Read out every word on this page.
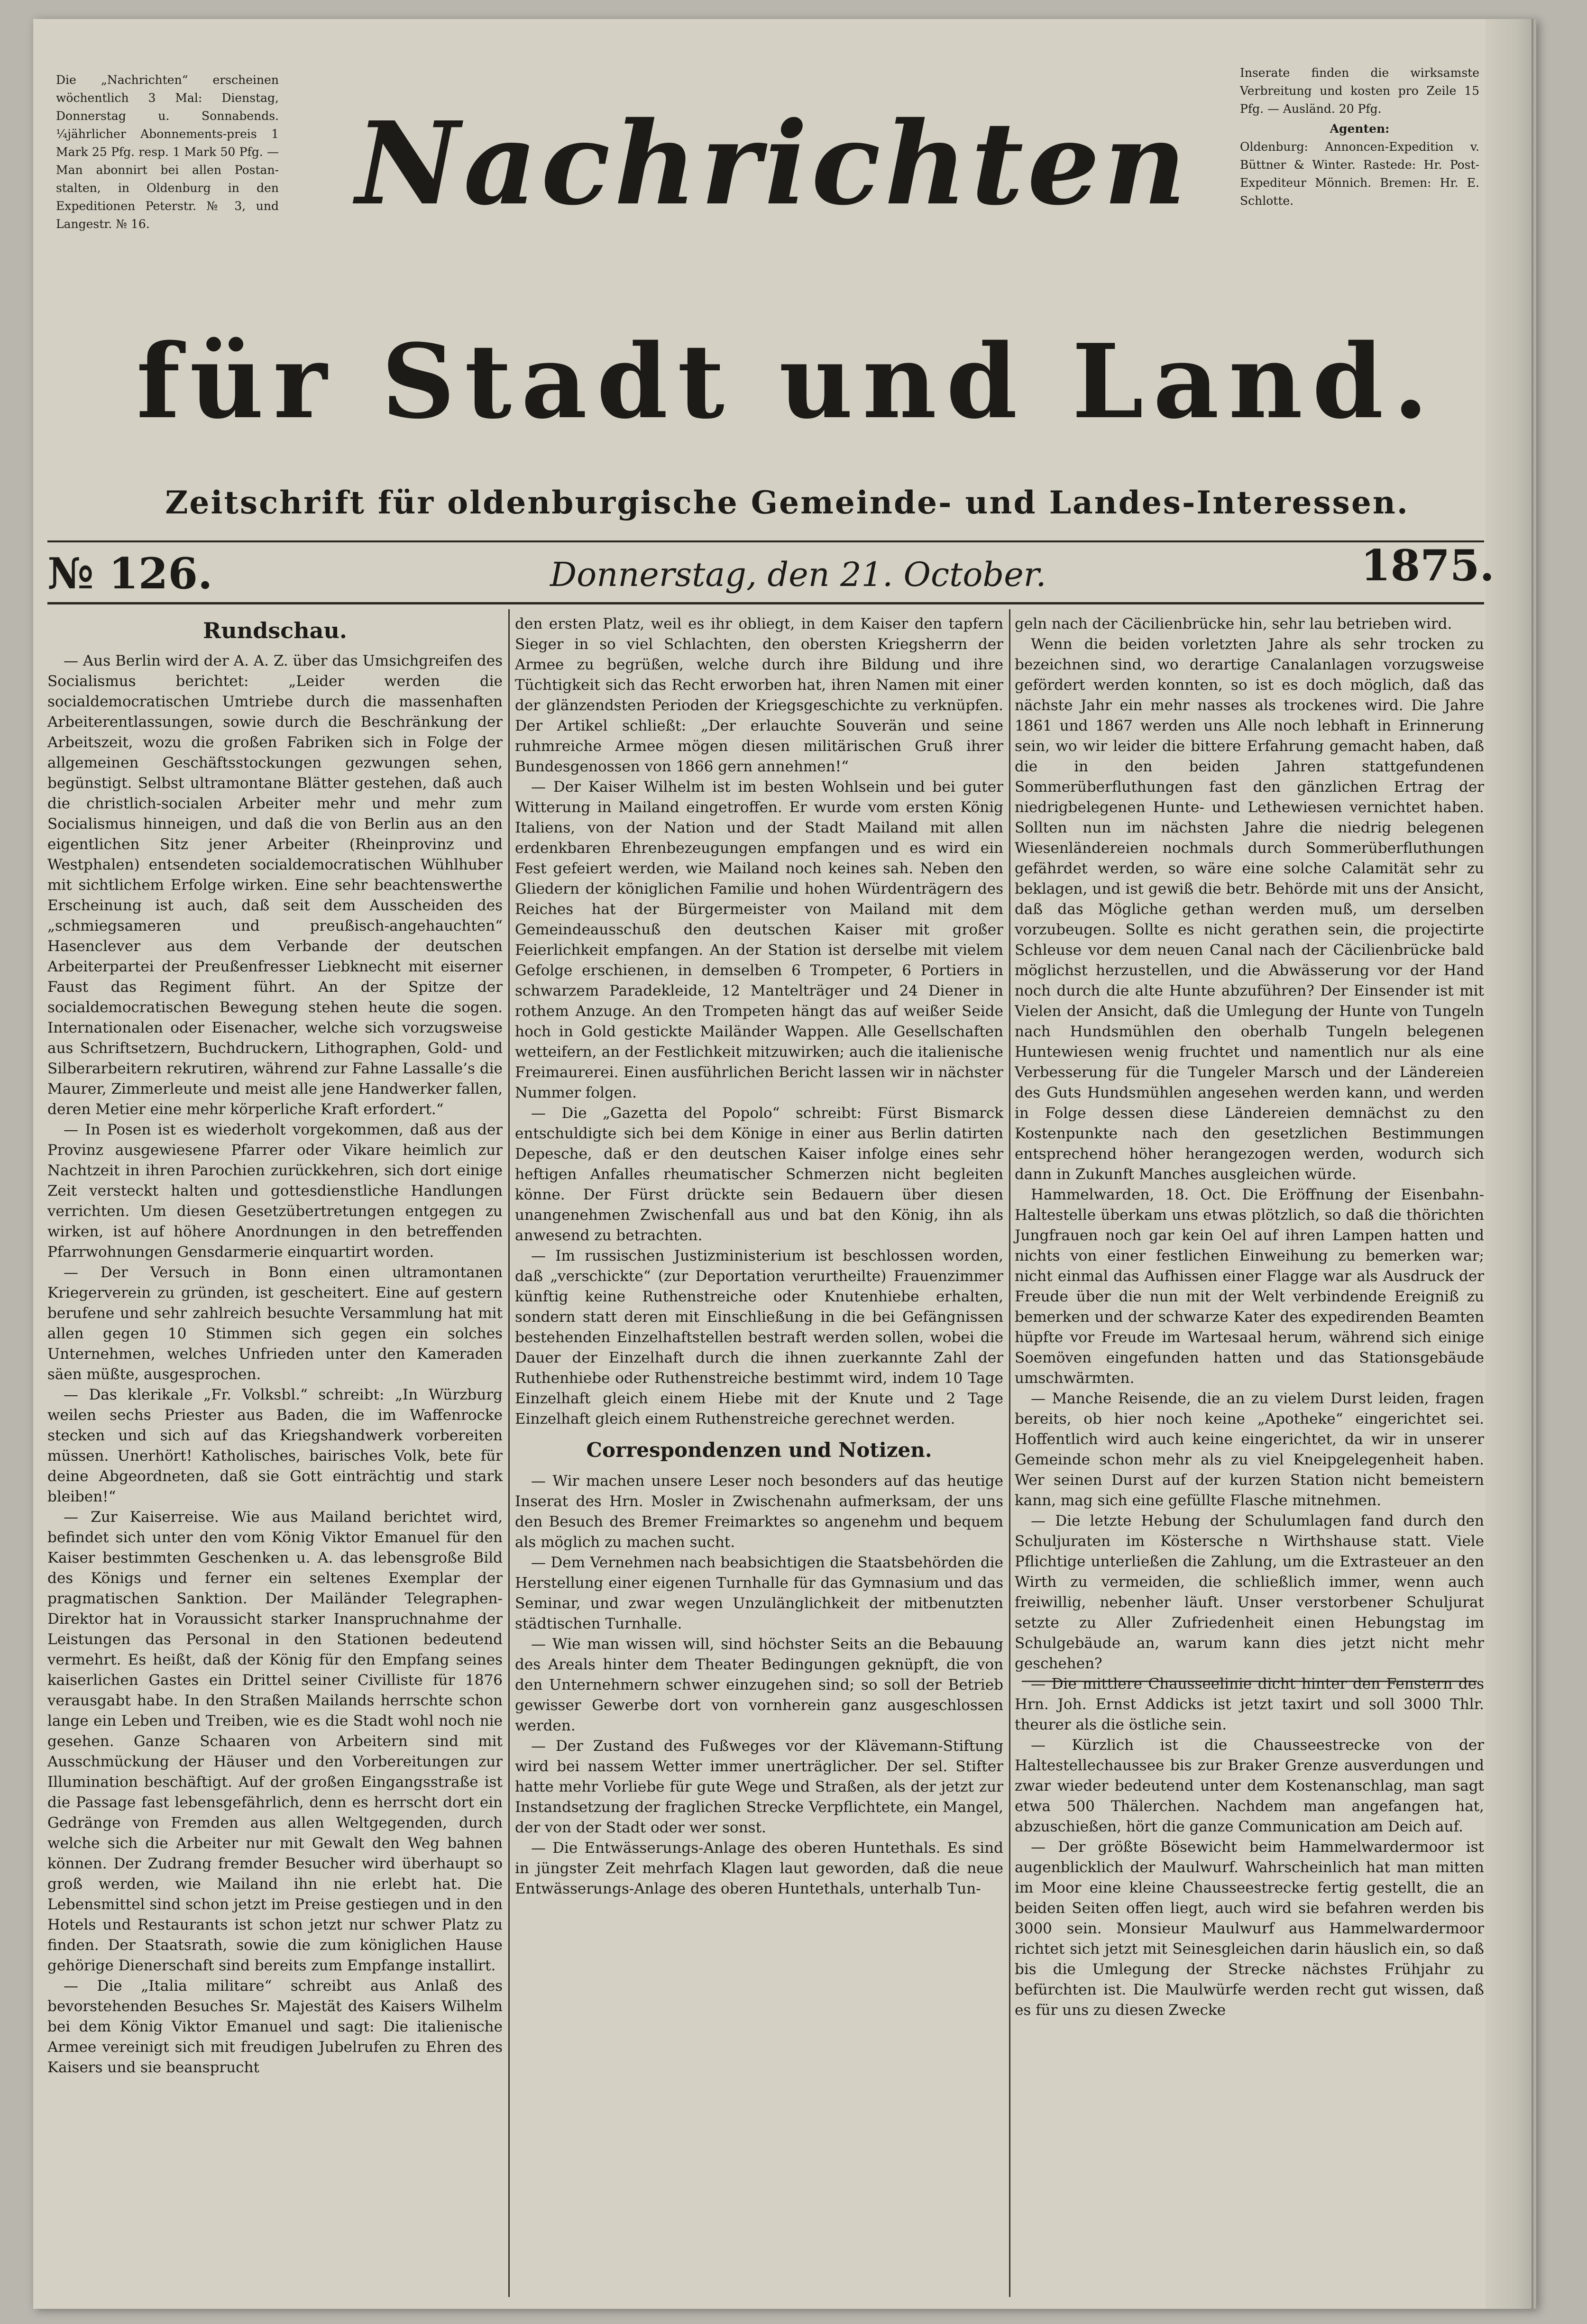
Die „Nachrichten“ erscheinen wöchentlich 3 Mal: Dienstag, Donnerstag u. Sonnabends. ¼jährlicher Abonnements-preis 1 Mark 25 Pfg. resp. 1 Mark 50 Pfg. — Man abonnirt bei allen Postan-stalten, in Oldenburg in den Expeditionen Peterstr. № 3, und Langestr. № 16.
Inserate finden die wirksamste Verbreitung und kosten pro Zeile 15 Pfg. — Ausländ. 20 Pfg.
Agenten:
Oldenburg: Annoncen-Expedition v. Büttner & Winter. Rastede: Hr. Post-Expediteur Mönnich. Bremen: Hr. E. Schlotte.
Nachrichten
für Stadt und Land.
Zeitschrift für oldenburgische Gemeinde- und Landes-Interessen.
№ 126.	Donnerstag, den 21. October.	1875.

Rundschau.

— Aus Berlin wird der A. A. Z. über das Umsichgreifen des Socialismus berichtet: „Leider werden die socialdemocratischen Umtriebe durch die massenhaften Arbeiterentlassungen, sowie durch die Beschränkung der Arbeitszeit, wozu die großen Fabriken sich in Folge der allgemeinen Geschäftsstockungen gezwungen sehen, begünstigt. Selbst ultramontane Blätter gestehen, daß auch die christlich-socialen Arbeiter mehr und mehr zum Socialismus hinneigen, und daß die von Berlin aus an den eigentlichen Sitz jener Arbeiter (Rheinprovinz und Westphalen) entsendeten socialdemocratischen Wühlhuber mit sichtlichem Erfolge wirken. Eine sehr beachtenswerthe Erscheinung ist auch, daß seit dem Ausscheiden des „schmiegsameren und preußisch-angehauchten“ Hasenclever aus dem Verbande der deutschen Arbeiterpartei der Preußenfresser Liebknecht mit eiserner Faust das Regiment führt. An der Spitze der socialdemocratischen Bewegung stehen heute die sogen. Internationalen oder Eisenacher, welche sich vorzugsweise aus Schriftsetzern, Buchdruckern, Lithographen, Gold- und Silberarbeitern rekrutiren, während zur Fahne Lassalle’s die Maurer, Zimmerleute und meist alle jene Handwerker fallen, deren Metier eine mehr körperliche Kraft erfordert.“

— In Posen ist es wiederholt vorgekommen, daß aus der Provinz ausgewiesene Pfarrer oder Vikare heimlich zur Nachtzeit in ihren Parochien zurückkehren, sich dort einige Zeit versteckt halten und gottesdienstliche Handlungen verrichten. Um diesen Gesetzübertretungen entgegen zu wirken, ist auf höhere Anordnungen in den betreffenden Pfarrwohnungen Gensdarmerie einquartirt worden.

— Der Versuch in Bonn einen ultramontanen Kriegerverein zu gründen, ist gescheitert. Eine auf gestern berufene und sehr zahlreich besuchte Versammlung hat mit allen gegen 10 Stimmen sich gegen ein solches Unternehmen, welches Unfrieden unter den Kameraden säen müßte, ausgesprochen.

— Das klerikale „Fr. Volksbl.“ schreibt: „In Würzburg weilen sechs Priester aus Baden, die im Waffenrocke stecken und sich auf das Kriegshandwerk vorbereiten müssen. Unerhört! Katholisches, bairisches Volk, bete für deine Abgeordneten, daß sie Gott einträchtig und stark bleiben!“

— Zur Kaiserreise. Wie aus Mailand berichtet wird, befindet sich unter den vom König Viktor Emanuel für den Kaiser bestimmten Geschenken u. A. das lebensgroße Bild des Königs und ferner ein seltenes Exemplar der pragmatischen Sanktion. Der Mailänder Telegraphen-Direktor hat in Voraussicht starker Inanspruchnahme der Leistungen das Personal in den Stationen bedeutend vermehrt. Es heißt, daß der König für den Empfang seines kaiserlichen Gastes ein Drittel seiner Civilliste für 1876 verausgabt habe. In den Straßen Mailands herrschte schon lange ein Leben und Treiben, wie es die Stadt wohl noch nie gesehen. Ganze Schaaren von Arbeitern sind mit Ausschmückung der Häuser und den Vorbereitungen zur Illumination beschäftigt. Auf der großen Eingangsstraße ist die Passage fast lebensgefährlich, denn es herrscht dort ein Gedränge von Fremden aus allen Weltgegenden, durch welche sich die Arbeiter nur mit Gewalt den Weg bahnen können. Der Zudrang fremder Besucher wird überhaupt so groß werden, wie Mailand ihn nie erlebt hat. Die Lebensmittel sind schon jetzt im Preise gestiegen und in den Hotels und Restaurants ist schon jetzt nur schwer Platz zu finden. Der Staatsrath, sowie die zum königlichen Hause gehörige Dienerschaft sind bereits zum Empfange installirt.

— Die „Italia militare“ schreibt aus Anlaß des bevorstehenden Besuches Sr. Majestät des Kaisers Wilhelm bei dem König Viktor Emanuel und sagt: Die italienische Armee vereinigt sich mit freudigen Jubelrufen zu Ehren des Kaisers und sie beansprucht

den ersten Platz, weil es ihr obliegt, in dem Kaiser den tapfern Sieger in so viel Schlachten, den obersten Kriegsherrn der Armee zu begrüßen, welche durch ihre Bildung und ihre Tüchtigkeit sich das Recht erworben hat, ihren Namen mit einer der glänzendsten Perioden der Kriegsgeschichte zu verknüpfen. Der Artikel schließt: „Der erlauchte Souverän und seine ruhmreiche Armee mögen diesen militärischen Gruß ihrer Bundesgenossen von 1866 gern annehmen!“

— Der Kaiser Wilhelm ist im besten Wohlsein und bei guter Witterung in Mailand eingetroffen. Er wurde vom ersten König Italiens, von der Nation und der Stadt Mailand mit allen erdenkbaren Ehrenbezeugungen empfangen und es wird ein Fest gefeiert werden, wie Mailand noch keines sah. Neben den Gliedern der königlichen Familie und hohen Würdenträgern des Reiches hat der Bürgermeister von Mailand mit dem Gemeindeausschuß den deutschen Kaiser mit großer Feierlichkeit empfangen. An der Station ist derselbe mit vielem Gefolge erschienen, in demselben 6 Trompeter, 6 Portiers in schwarzem Paradekleide, 12 Mantelträger und 24 Diener in rothem Anzuge. An den Trompeten hängt das auf weißer Seide hoch in Gold gestickte Mailänder Wappen. Alle Gesellschaften wetteifern, an der Festlichkeit mitzuwirken; auch die italienische Freimaurerei. Einen ausführlichen Bericht lassen wir in nächster Nummer folgen.

— Die „Gazetta del Popolo“ schreibt: Fürst Bismarck entschuldigte sich bei dem Könige in einer aus Berlin datirten Depesche, daß er den deutschen Kaiser infolge eines sehr heftigen Anfalles rheumatischer Schmerzen nicht begleiten könne. Der Fürst drückte sein Bedauern über diesen unangenehmen Zwischenfall aus und bat den König, ihn als anwesend zu betrachten.

— Im russischen Justizministerium ist beschlossen worden, daß „verschickte“ (zur Deportation verurtheilte) Frauenzimmer künftig keine Ruthenstreiche oder Knutenhiebe erhalten, sondern statt deren mit Einschließung in die bei Gefängnissen bestehenden Einzelhaftstellen bestraft werden sollen, wobei die Dauer der Einzelhaft durch die ihnen zuerkannte Zahl der Ruthenhiebe oder Ruthenstreiche bestimmt wird, indem 10 Tage Einzelhaft gleich einem Hiebe mit der Knute und 2 Tage Einzelhaft gleich einem Ruthenstreiche gerechnet werden.

Correspondenzen und Notizen.

— Wir machen unsere Leser noch besonders auf das heutige Inserat des Hrn. Mosler in Zwischenahn aufmerksam, der uns den Besuch des Bremer Freimarktes so angenehm und bequem als möglich zu machen sucht.

— Dem Vernehmen nach beabsichtigen die Staatsbehörden die Herstellung einer eigenen Turnhalle für das Gymnasium und das Seminar, und zwar wegen Unzulänglichkeit der mitbenutzten städtischen Turnhalle.

— Wie man wissen will, sind höchster Seits an die Bebauung des Areals hinter dem Theater Bedingungen geknüpft, die von den Unternehmern schwer einzugehen sind; so soll der Betrieb gewisser Gewerbe dort von vornherein ganz ausgeschlossen werden.

— Der Zustand des Fußweges vor der Klävemann-Stiftung wird bei nassem Wetter immer unerträglicher. Der sel. Stifter hatte mehr Vorliebe für gute Wege und Straßen, als der jetzt zur Instandsetzung der fraglichen Strecke Verpflichtete, ein Mangel, der von der Stadt oder wer sonst.

— Die Entwässerungs-Anlage des oberen Huntethals. Es sind in jüngster Zeit mehrfach Klagen laut geworden, daß die neue Entwässerungs-Anlage des oberen Huntethals, unterhalb Tun-

geln nach der Cäcilienbrücke hin, sehr lau betrieben wird.

Wenn die beiden vorletzten Jahre als sehr trocken zu bezeichnen sind, wo derartige Canalanlagen vorzugsweise gefördert werden konnten, so ist es doch möglich, daß das nächste Jahr ein mehr nasses als trockenes wird. Die Jahre 1861 und 1867 werden uns Alle noch lebhaft in Erinnerung sein, wo wir leider die bittere Erfahrung gemacht haben, daß die in den beiden Jahren stattgefundenen Sommerüberfluthungen fast den gänzlichen Ertrag der niedrigbelegenen Hunte- und Lethewiesen vernichtet haben. Sollten nun im nächsten Jahre die niedrig belegenen Wiesenländereien nochmals durch Sommerüberfluthungen gefährdet werden, so wäre eine solche Calamität sehr zu beklagen, und ist gewiß die betr. Behörde mit uns der Ansicht, daß das Mögliche gethan werden muß, um derselben vorzubeugen. Sollte es nicht gerathen sein, die projectirte Schleuse vor dem neuen Canal nach der Cäcilienbrücke bald möglichst herzustellen, und die Abwässerung vor der Hand noch durch die alte Hunte abzuführen? Der Einsender ist mit Vielen der Ansicht, daß die Umlegung der Hunte von Tungeln nach Hundsmühlen den oberhalb Tungeln belegenen Huntewiesen wenig fruchtet und namentlich nur als eine Verbesserung für die Tungeler Marsch und der Ländereien des Guts Hundsmühlen angesehen werden kann, und werden in Folge dessen diese Ländereien demnächst zu den Kostenpunkte nach den gesetzlichen Bestimmungen entsprechend höher herangezogen werden, wodurch sich dann in Zukunft Manches ausgleichen würde.

Hammelwarden, 18. Oct. Die Eröffnung der Eisenbahn-Haltestelle überkam uns etwas plötzlich, so daß die thörichten Jungfrauen noch gar kein Oel auf ihren Lampen hatten und nichts von einer festlichen Einweihung zu bemerken war; nicht einmal das Aufhissen einer Flagge war als Ausdruck der Freude über die nun mit der Welt verbindende Ereigniß zu bemerken und der schwarze Kater des expedirenden Beamten hüpfte vor Freude im Wartesaal herum, während sich einige Soemöven eingefunden hatten und das Stationsgebäude umschwärmten.

— Manche Reisende, die an zu vielem Durst leiden, fragen bereits, ob hier noch keine „Apotheke“ eingerichtet sei. Hoffentlich wird auch keine eingerichtet, da wir in unserer Gemeinde schon mehr als zu viel Kneipgelegenheit haben. Wer seinen Durst auf der kurzen Station nicht bemeistern kann, mag sich eine gefüllte Flasche mitnehmen.

— Die letzte Hebung der Schulumlagen fand durch den Schuljuraten im Köstersche n Wirthshause statt. Viele Pflichtige unterließen die Zahlung, um die Extrasteuer an den Wirth zu vermeiden, die schließlich immer, wenn auch freiwillig, nebenher läuft. Unser verstorbener Schuljurat setzte zu Aller Zufriedenheit einen Hebungstag im Schulgebäude an, warum kann dies jetzt nicht mehr geschehen?

— Die mittlere Chausseelinie dicht hinter den Fenstern des Hrn. Joh. Ernst Addicks ist jetzt taxirt und soll 3000 Thlr. theurer als die östliche sein.

— Kürzlich ist die Chausseestrecke von der Haltestellechaussee bis zur Braker Grenze ausverdungen und zwar wieder bedeutend unter dem Kostenanschlag, man sagt etwa 500 Thälerchen. Nachdem man angefangen hat, abzuschießen, hört die ganze Communication am Deich auf.

— Der größte Bösewicht beim Hammelwardermoor ist augenblicklich der Maulwurf. Wahrscheinlich hat man mitten im Moor eine kleine Chausseestrecke fertig gestellt, die an beiden Seiten offen liegt, auch wird sie befahren werden bis 3000 sein. Monsieur Maulwurf aus Hammelwardermoor richtet sich jetzt mit Seinesgleichen darin häuslich ein, so daß bis die Umlegung der Strecke nächstes Frühjahr zu befürchten ist. Die Maulwürfe werden recht gut wissen, daß es für uns zu diesen Zwecke
